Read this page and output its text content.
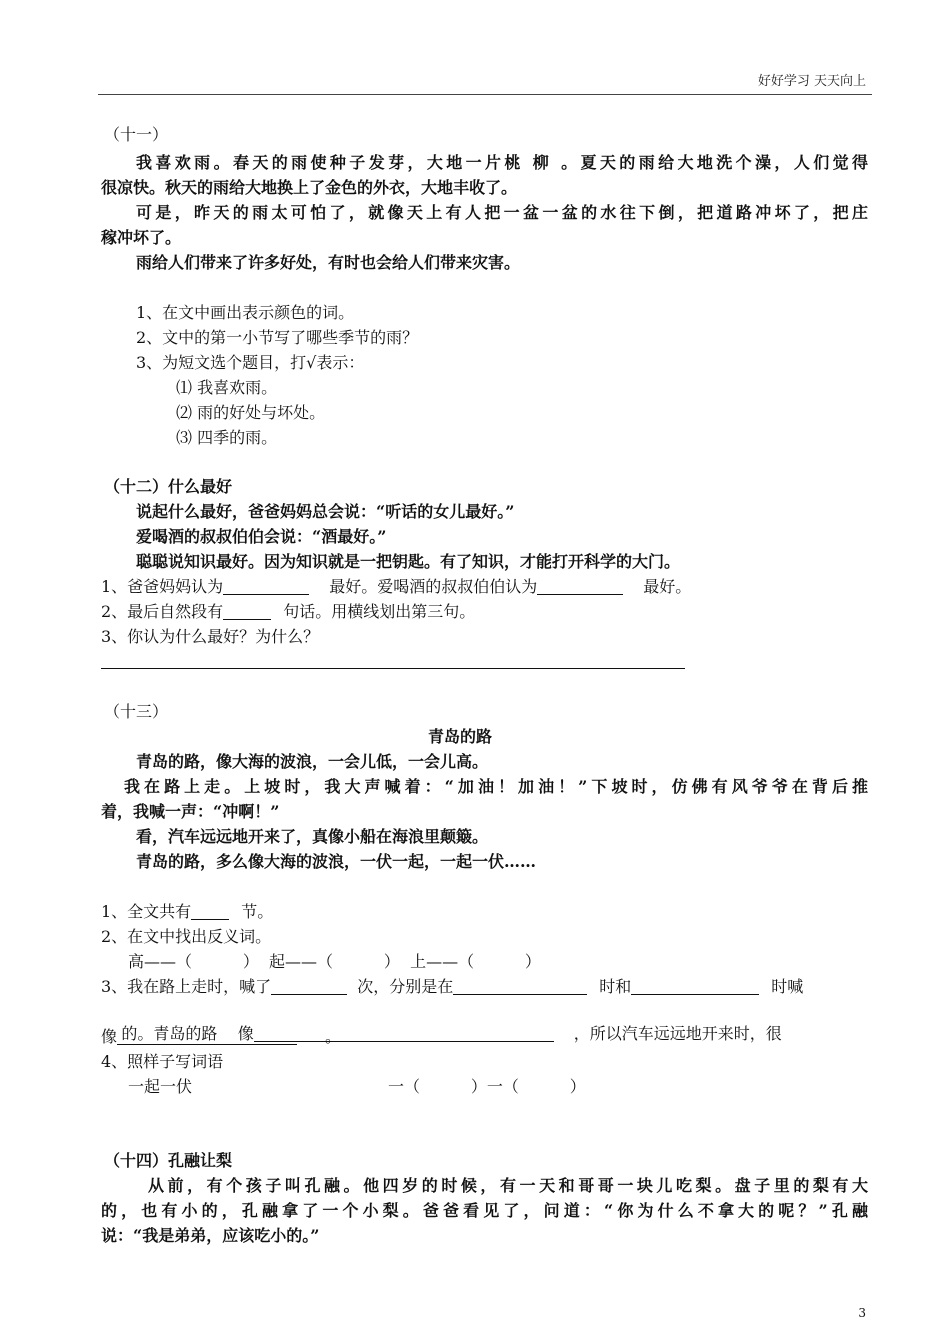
好好学习 天天向上
（十一）
我喜欢雨。春天的雨使种子发芽，大地一片桃 柳 。夏天的雨给大地洗个澡，人们觉得
很凉快。秋天的雨给大地换上了金色的外衣，大地丰收了。
可是，昨天的雨太可怕了，就像天上有人把一盆一盆的水往下倒，把道路冲坏了，把庄
稼冲坏了。
雨给人们带来了许多好处，有时也会给人们带来灾害。
1、在文中画出表示颜色的词。
2、文中的第一小节写了哪些季节的雨？
3、为短文选个题目，打√表示：
⑴ 我喜欢雨。
⑵ 雨的好处与坏处。
⑶ 四季的雨。
（十二）什么最好
说起什么最好，爸爸妈妈总会说：“听话的女儿最好。”
爱喝酒的叔叔伯伯会说：“酒最好。”
聪聪说知识最好。因为知识就是一把钥匙。有了知识，才能打开科学的大门。
1、爸爸妈妈认为	最好。爱喝酒的叔叔伯伯认为	最好。
2、最后自然段有	句话。用横线划出第三句。
3、你认为什么最好？为什么？
（十三）
青岛的路
青岛的路，像大海的波浪，一会儿低，一会儿高。
我在路上走。上坡时，我大声喊着：“加油！加油！”下坡时，仿佛有风爷爷在背后推
着，我喊一声：“冲啊！”
看，汽车远远地开来了，真像小船在海浪里颠簸。
青岛的路，多么像大海的波浪，一伏一起，一起一伏……
1、全文共有	节。
2、在文中找出反义词。
高——（          ）  起——（          ）  上——（          ）
3、我在路上走时，喊了	次，分别是在	时和	时喊

的。青岛的路    像	，所以汽车远远地开来时，很

像	。
4、照样子写词语
一起一伏	一（          ）一（          ）
（十四）孔融让梨
从前，有个孩子叫孔融。他四岁的时候，有一天和哥哥一块儿吃梨。盘子里的梨有大
的，也有小的，孔融拿了一个小梨。爸爸看见了，问道：“你为什么不拿大的呢？”孔融
说：“我是弟弟，应该吃小的。”
3
